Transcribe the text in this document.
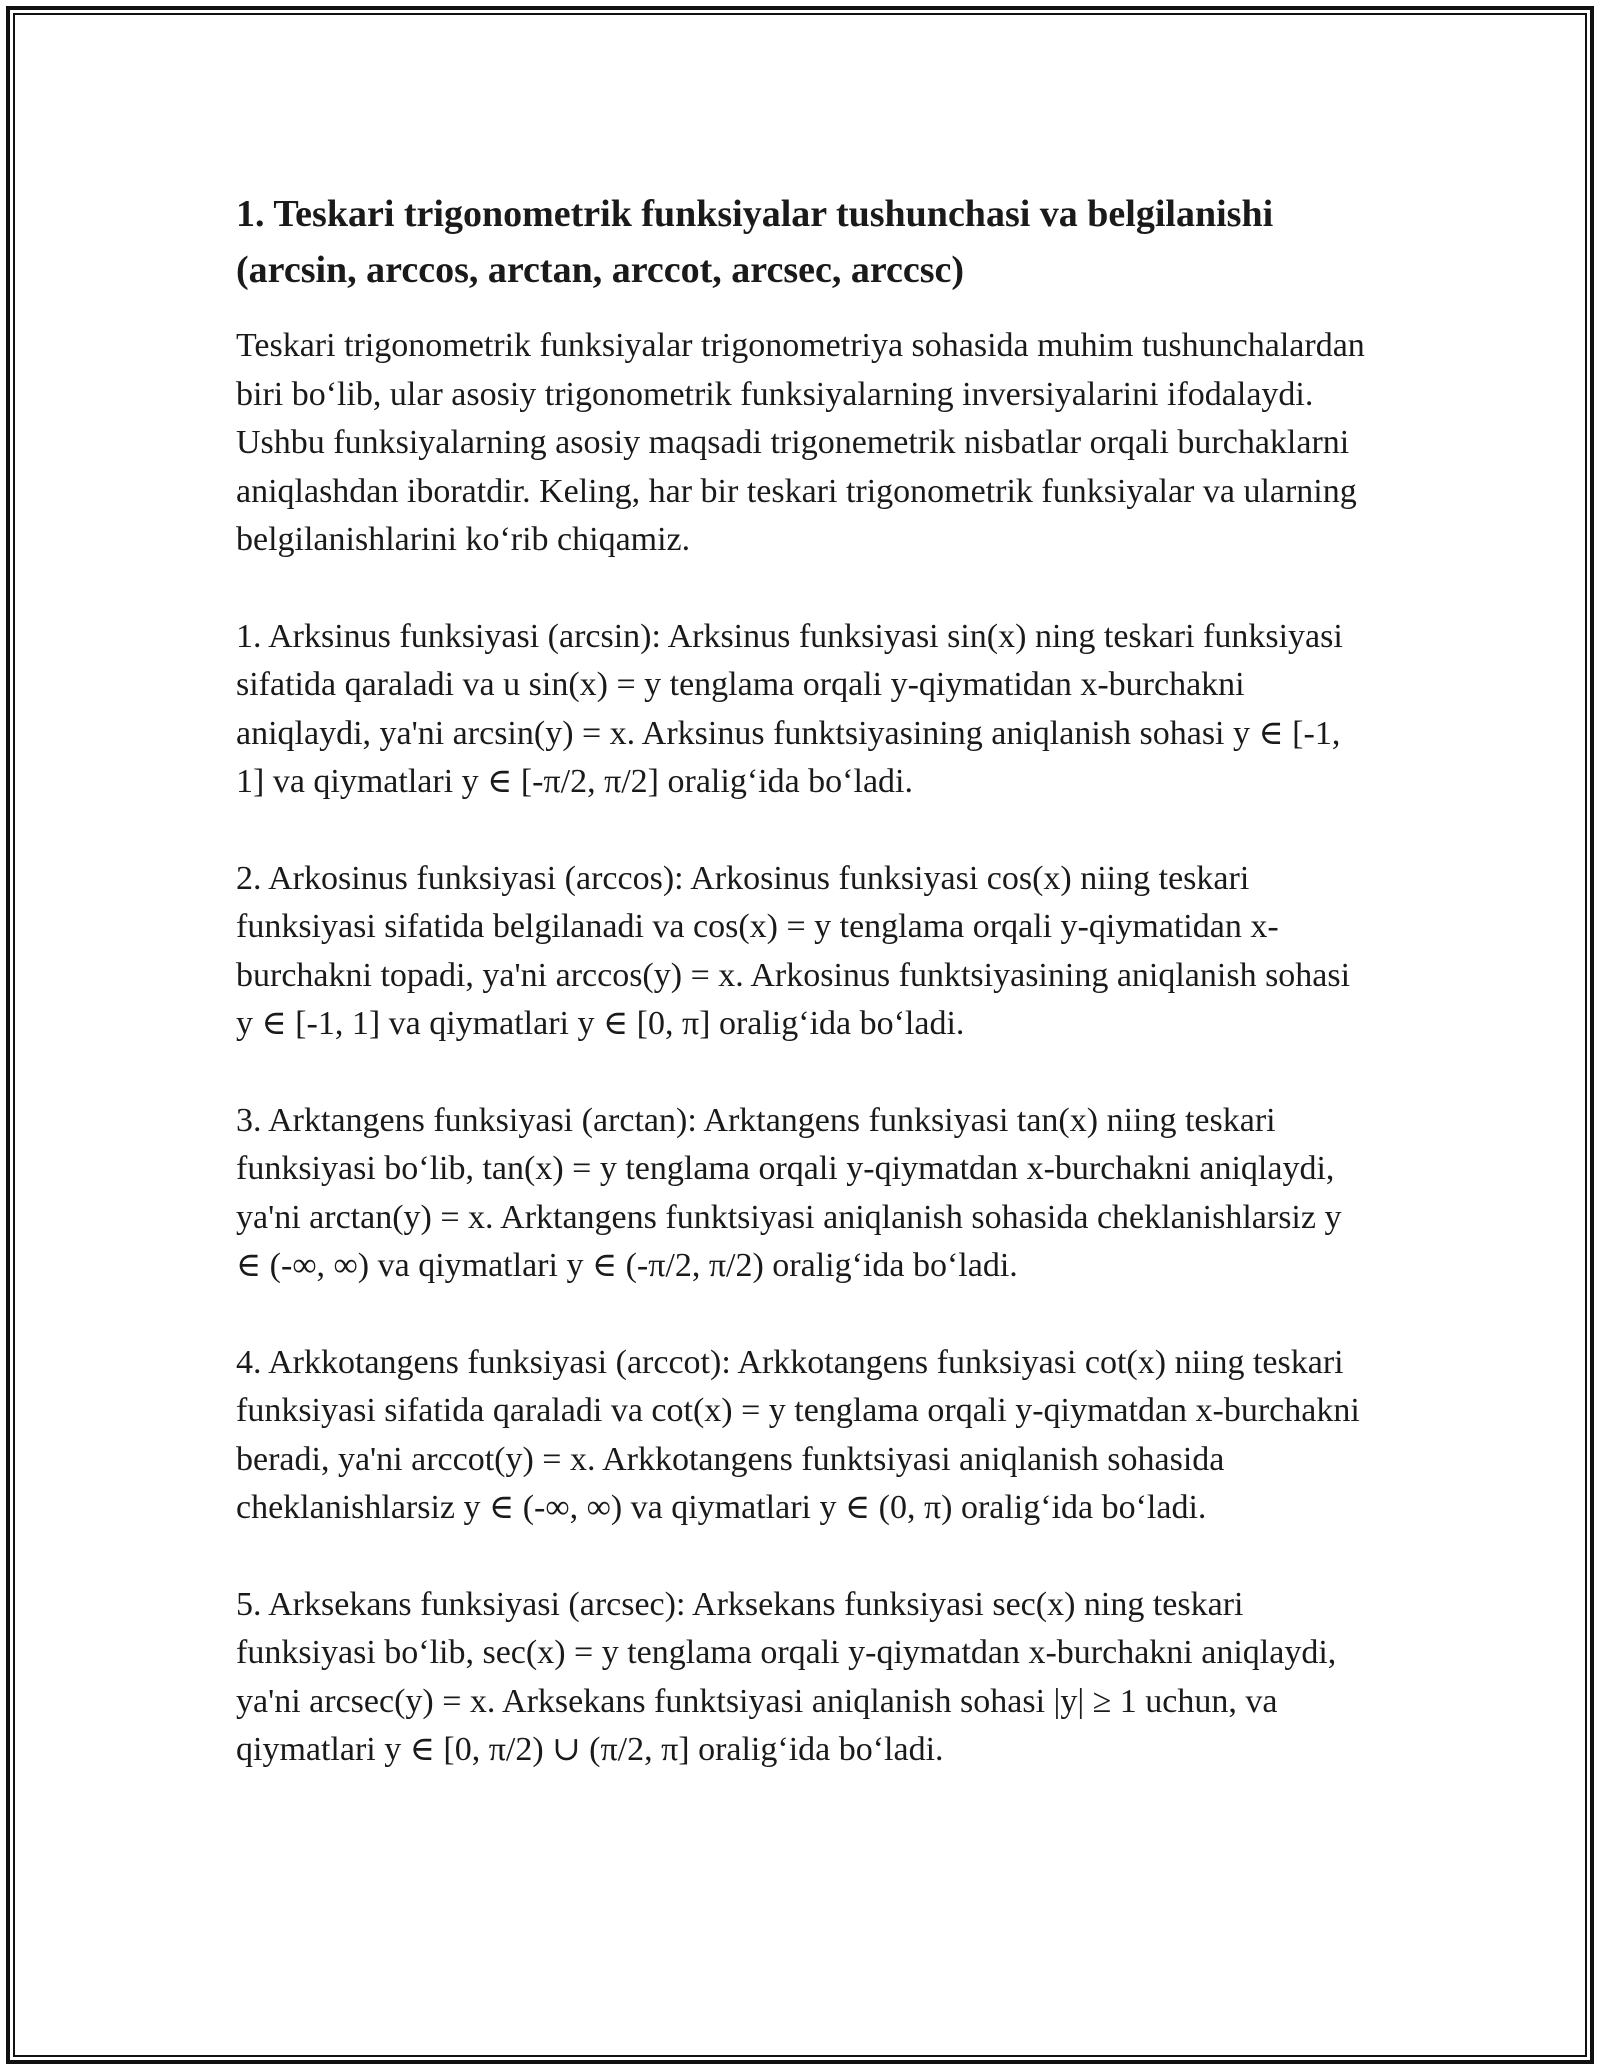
1. Teskari trigonometrik funksiyalar tushunchasi va belgilanishi (arcsin, arccos, arctan, arccot, arcsec, arccsc)

Teskari trigonometrik funksiyalar trigonometriya sohasida muhim tushunchalardan biri bo‘lib, ular asosiy trigonometrik funksiyalarning inversiyalarini ifodalaydi. Ushbu funksiyalarning asosiy maqsadi trigonemetrik nisbatlar orqali burchaklarni aniqlashdan iboratdir. Keling, har bir teskari trigonometrik funksiyalar va ularning belgilanishlarini ko‘rib chiqamiz.

1. Arksinus funksiyasi (arcsin): Arksinus funksiyasi sin(x) ning teskari funksiyasi sifatida qaraladi va u sin(x) = y tenglama orqali y-qiymatidan x-burchakni aniqlaydi, ya'ni arcsin(y) = x. Arksinus funktsiyasining aniqlanish sohasi y ∈ [-1, 1] va qiymatlari y ∈ [-π/2, π/2] oralig‘ida bo‘ladi.

2. Arkosinus funksiyasi (arccos): Arkosinus funksiyasi cos(x) niing teskari funksiyasi sifatida belgilanadi va cos(x) = y tenglama orqali y-qiymatidan x-burchakni topadi, ya'ni arccos(y) = x. Arkosinus funktsiyasining aniqlanish sohasi y ∈ [-1, 1] va qiymatlari y ∈ [0, π] oralig‘ida bo‘ladi.

3. Arktangens funksiyasi (arctan): Arktangens funksiyasi tan(x) niing teskari funksiyasi bo‘lib, tan(x) = y tenglama orqali y-qiymatdan x-burchakni aniqlaydi, ya'ni arctan(y) = x. Arktangens funktsiyasi aniqlanish sohasida cheklanishlarsiz y ∈ (-∞, ∞) va qiymatlari y ∈ (-π/2, π/2) oralig‘ida bo‘ladi.

4. Arkkotangens funksiyasi (arccot): Arkkotangens funksiyasi cot(x) niing teskari funksiyasi sifatida qaraladi va cot(x) = y tenglama orqali y-qiymatdan x-burchakni beradi, ya'ni arccot(y) = x. Arkkotangens funktsiyasi aniqlanish sohasida cheklanishlarsiz y ∈ (-∞, ∞) va qiymatlari y ∈ (0, π) oralig‘ida bo‘ladi.

5. Arksekans funksiyasi (arcsec): Arksekans funksiyasi sec(x) ning teskari funksiyasi bo‘lib, sec(x) = y tenglama orqali y-qiymatdan x-burchakni aniqlaydi, ya'ni arcsec(y) = x. Arksekans funktsiyasi aniqlanish sohasi |y| ≥ 1 uchun, va qiymatlari y ∈ [0, π/2) ∪ (π/2, π] oralig‘ida bo‘ladi.
